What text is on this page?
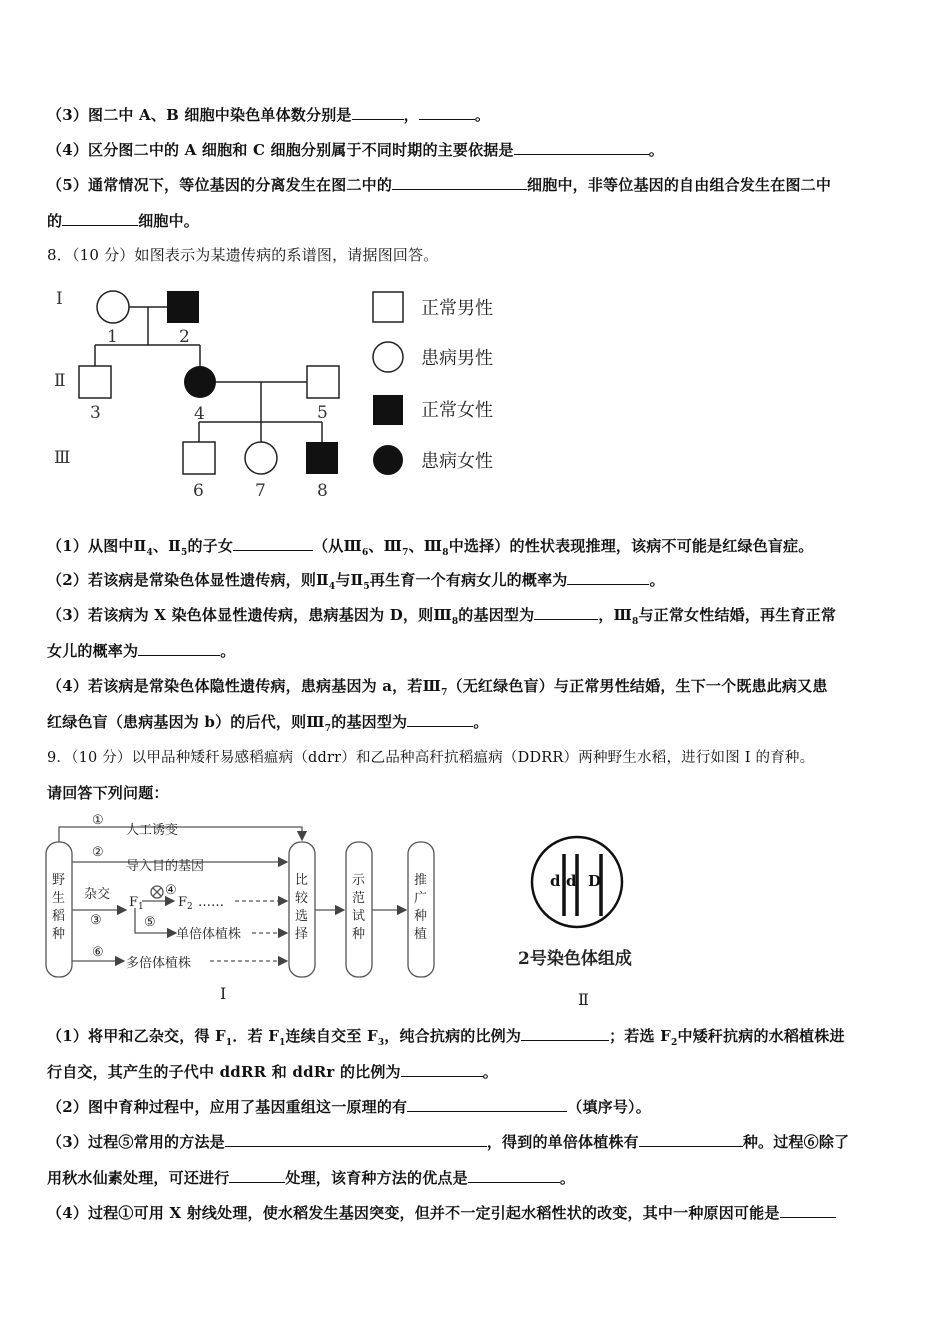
（3）图二中 A、B 细胞中染色单体数分别是	，	。
（4）区分图二中的 A 细胞和 C 细胞分别属于不同时期的主要依据是	。
（5）通常情况下，等位基因的分离发生在图二中的	细胞中，非等位基因的自由组合发生在图二中
的	细胞中。
8．（10 分）如图表示为某遗传病的系谱图，请据图回答。
Ⅰ
Ⅱ
Ⅲ
1	2
3	4	5
6	7	8
正常男性
患病男性
正常女性
患病女性
（1）从图中$Ⅱ_4$、$Ⅱ_5$的子女	（从$Ⅲ_6$、$Ⅲ_7$、$Ⅲ_8$中选择）的性状表现推理，该病不可能是红绿色盲症。
（2）若该病是常染色体显性遗传病，则$Ⅱ_4$与$Ⅱ_5$再生育一个有病女儿的概率为	。
（3）若该病为 X 染色体显性遗传病，患病基因为 D，则$Ⅲ_8$的基因型为	，$Ⅲ_8$与正常女性结婚，再生育正常
女儿的概率为	。
（4）若该病是常染色体隐性遗传病，患病基因为 a，若$Ⅲ_7$（无红绿色盲）与正常男性结婚，生下一个既患此病又患
红绿色盲（患病基因为 b）的后代，则$Ⅲ_7$的基因型为	。
9．（10 分）以甲品种矮秆易感稻瘟病（ddrr）和乙品种高秆抗稻瘟病（DDRR）两种野生水稻，进行如图 I 的育种。
请回答下列问题：
野
生
稻
种
比
较
选
择
示
范
试
种
推
广
种
植
①
人工诱变
②
导入目的基因
杂交
③
④
$F_1$	$F_2$ ……
⑤
单倍体植株
⑥
多倍体植株
I
d d D
2号染色体组成
Ⅱ
（1）将甲和乙杂交，得 $F_1$．若 $F_1$连续自交至 $F_3$，纯合抗病的比例为	；若选 $F_2$中矮秆抗病的水稻植株进
行自交，其产生的子代中 ddRR 和 ddRr 的比例为	。
（2）图中育种过程中，应用了基因重组这一原理的有	（填序号）。
（3）过程⑤常用的方法是	，得到的单倍体植株有	种。过程⑥除了
用秋水仙素处理，可还进行	处理，该育种方法的优点是	。
（4）过程①可用 X 射线处理，使水稻发生基因突变，但并不一定引起水稻性状的改变，其中一种原因可能是
